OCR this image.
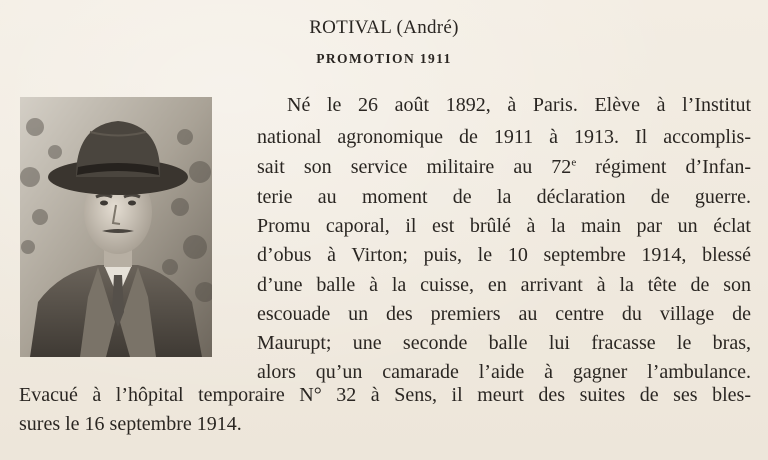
ROTIVAL (André)
PROMOTION 1911
Né le 26 août 1892, à Paris. Elève à l’Institut
national agronomique de 1911 à 1913. Il accomplis-
sait son service militaire au 72e régiment d’Infan-
terie au moment de la déclaration de guerre.
Promu caporal, il est brûlé à la main par un éclat
d’obus à Virton; puis, le 10 septembre 1914, blessé
d’une balle à la cuisse, en arrivant à la tête de son
escouade un des premiers au centre du village de
Maurupt; une seconde balle lui fracasse le bras,
alors qu’un camarade l’aide à gagner l’ambulance.
Evacué à l’hôpital temporaire N° 32 à Sens, il meurt des suites de ses bles-
sures le 16 septembre 1914.
